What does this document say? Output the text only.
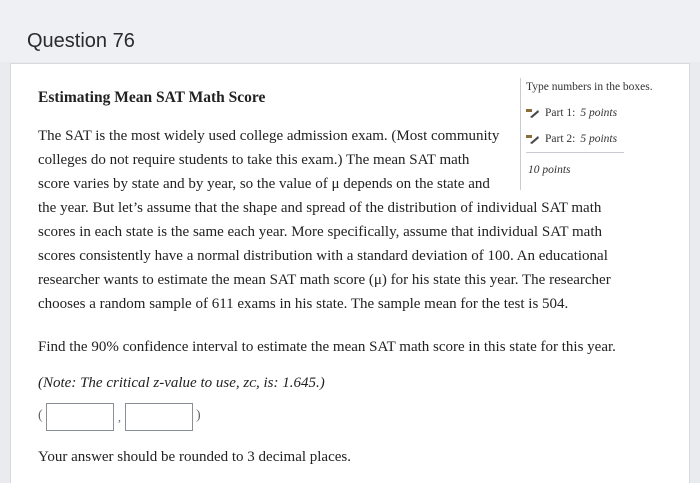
Question 76
Estimating Mean SAT Math Score
Type numbers in the boxes.
Part 1: 5 points
Part 2: 5 points
10 points
The SAT is the most widely used college admission exam. (Most community
colleges do not require students to take this exam.) The mean SAT math
score varies by state and by year, so the value of μ depends on the state and
the year. But let’s assume that the shape and spread of the distribution of individual SAT math
scores in each state is the same each year. More specifically, assume that individual SAT math
scores consistently have a normal distribution with a standard deviation of 100. An educational
researcher wants to estimate the mean SAT math score (μ) for his state this year. The researcher
chooses a random sample of 611 exams in his state. The sample mean for the test is 504.
Find the 90% confidence interval to estimate the mean SAT math score in this state for this year.
(Note: The critical z-value to use, zᴄ, is: 1.645.)
(	,	)
Your answer should be rounded to 3 decimal places.
